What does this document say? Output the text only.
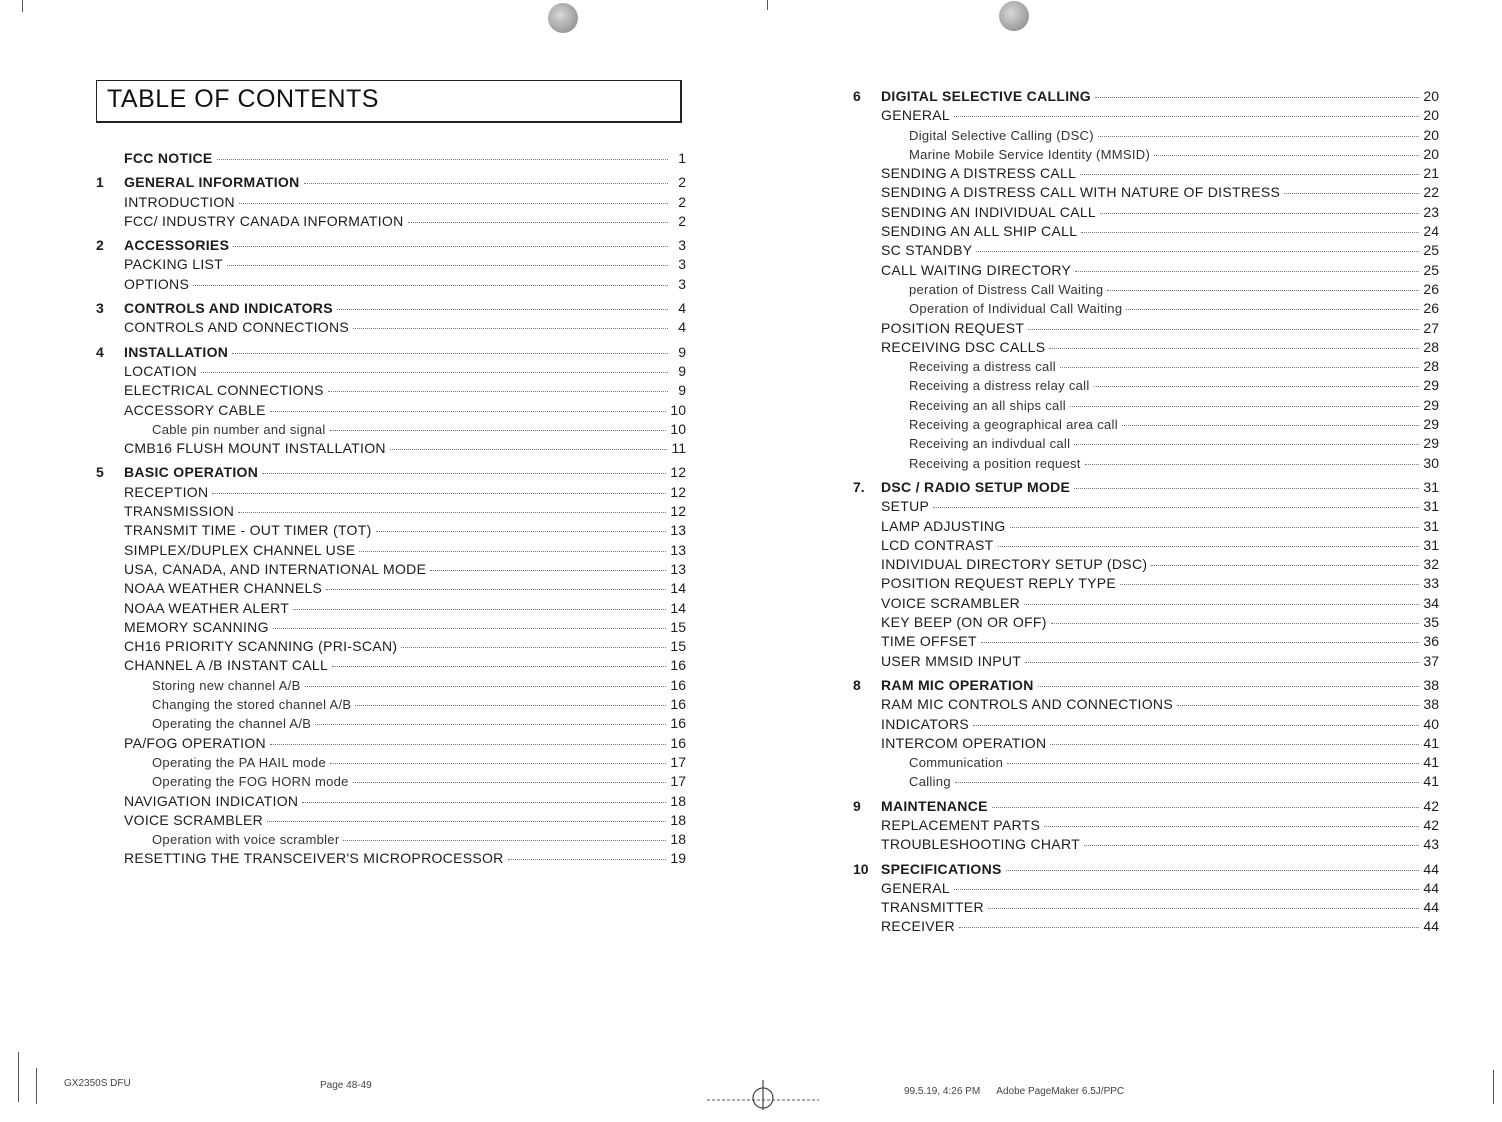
TABLE OF CONTENTS
FCC NOTICE	1
1	GENERAL INFORMATION	2
INTRODUCTION	2
FCC/ INDUSTRY CANADA INFORMATION	2
2	ACCESSORIES	3
PACKING LIST	3
OPTIONS	3
3	CONTROLS AND INDICATORS	4
CONTROLS AND CONNECTIONS	4
4	INSTALLATION	9
LOCATION	9
ELECTRICAL CONNECTIONS	9
ACCESSORY CABLE	10
Cable pin number and signal	10
CMB16 FLUSH MOUNT INSTALLATION	11
5	BASIC OPERATION	12
RECEPTION	12
TRANSMISSION	12
TRANSMIT TIME - OUT TIMER (TOT)	13
SIMPLEX/DUPLEX CHANNEL USE	13
USA, CANADA, AND INTERNATIONAL MODE	13
NOAA WEATHER CHANNELS	14
NOAA WEATHER ALERT	14
MEMORY SCANNING	15
CH16 PRIORITY SCANNING (PRI-SCAN)	15
CHANNEL A /B INSTANT CALL	16
Storing new channel A/B	16
Changing the stored channel A/B	16
Operating the channel A/B	16
PA/FOG OPERATION	16
Operating the PA HAIL mode	17
Operating the FOG HORN mode	17
NAVIGATION INDICATION	18
VOICE SCRAMBLER	18
Operation with voice scrambler	18
RESETTING THE TRANSCEIVER'S MICROPROCESSOR	19
GX2350S DFU	Page 48-49
6	DIGITAL SELECTIVE CALLING	20
GENERAL	20
Digital Selective Calling (DSC)	20
Marine Mobile Service Identity (MMSID)	20
SENDING A DISTRESS CALL	21
SENDING A DISTRESS CALL WITH NATURE OF DISTRESS	22
SENDING AN INDIVIDUAL CALL	23
SENDING AN ALL SHIP CALL	24
SC STANDBY	25
CALL WAITING DIRECTORY	25
peration of Distress Call Waiting	26
Operation of Individual Call Waiting	26
POSITION REQUEST	27
RECEIVING DSC CALLS	28
Receiving a distress call	28
Receiving a distress relay call	29
Receiving an all ships call	29
Receiving a geographical area call	29
Receiving an indivdual call	29
Receiving a position request	30
7.	DSC / RADIO SETUP MODE	31
SETUP	31
LAMP ADJUSTING	31
LCD CONTRAST	31
INDIVIDUAL DIRECTORY SETUP (DSC)	32
POSITION REQUEST REPLY TYPE	33
VOICE SCRAMBLER	34
KEY BEEP (ON OR OFF)	35
TIME OFFSET	36
USER MMSID INPUT	37
8	RAM MIC OPERATION	38
RAM MIC CONTROLS AND CONNECTIONS	38
INDICATORS	40
INTERCOM OPERATION	41
Communication	41
Calling	41
9	MAINTENANCE	42
REPLACEMENT PARTS	42
TROUBLESHOOTING CHART	43
10 SPECIFICATIONS	44
GENERAL	44
TRANSMITTER	44
RECEIVER	44
99.5.19, 4:26 PM Adobe PageMaker 6.5J/PPC
